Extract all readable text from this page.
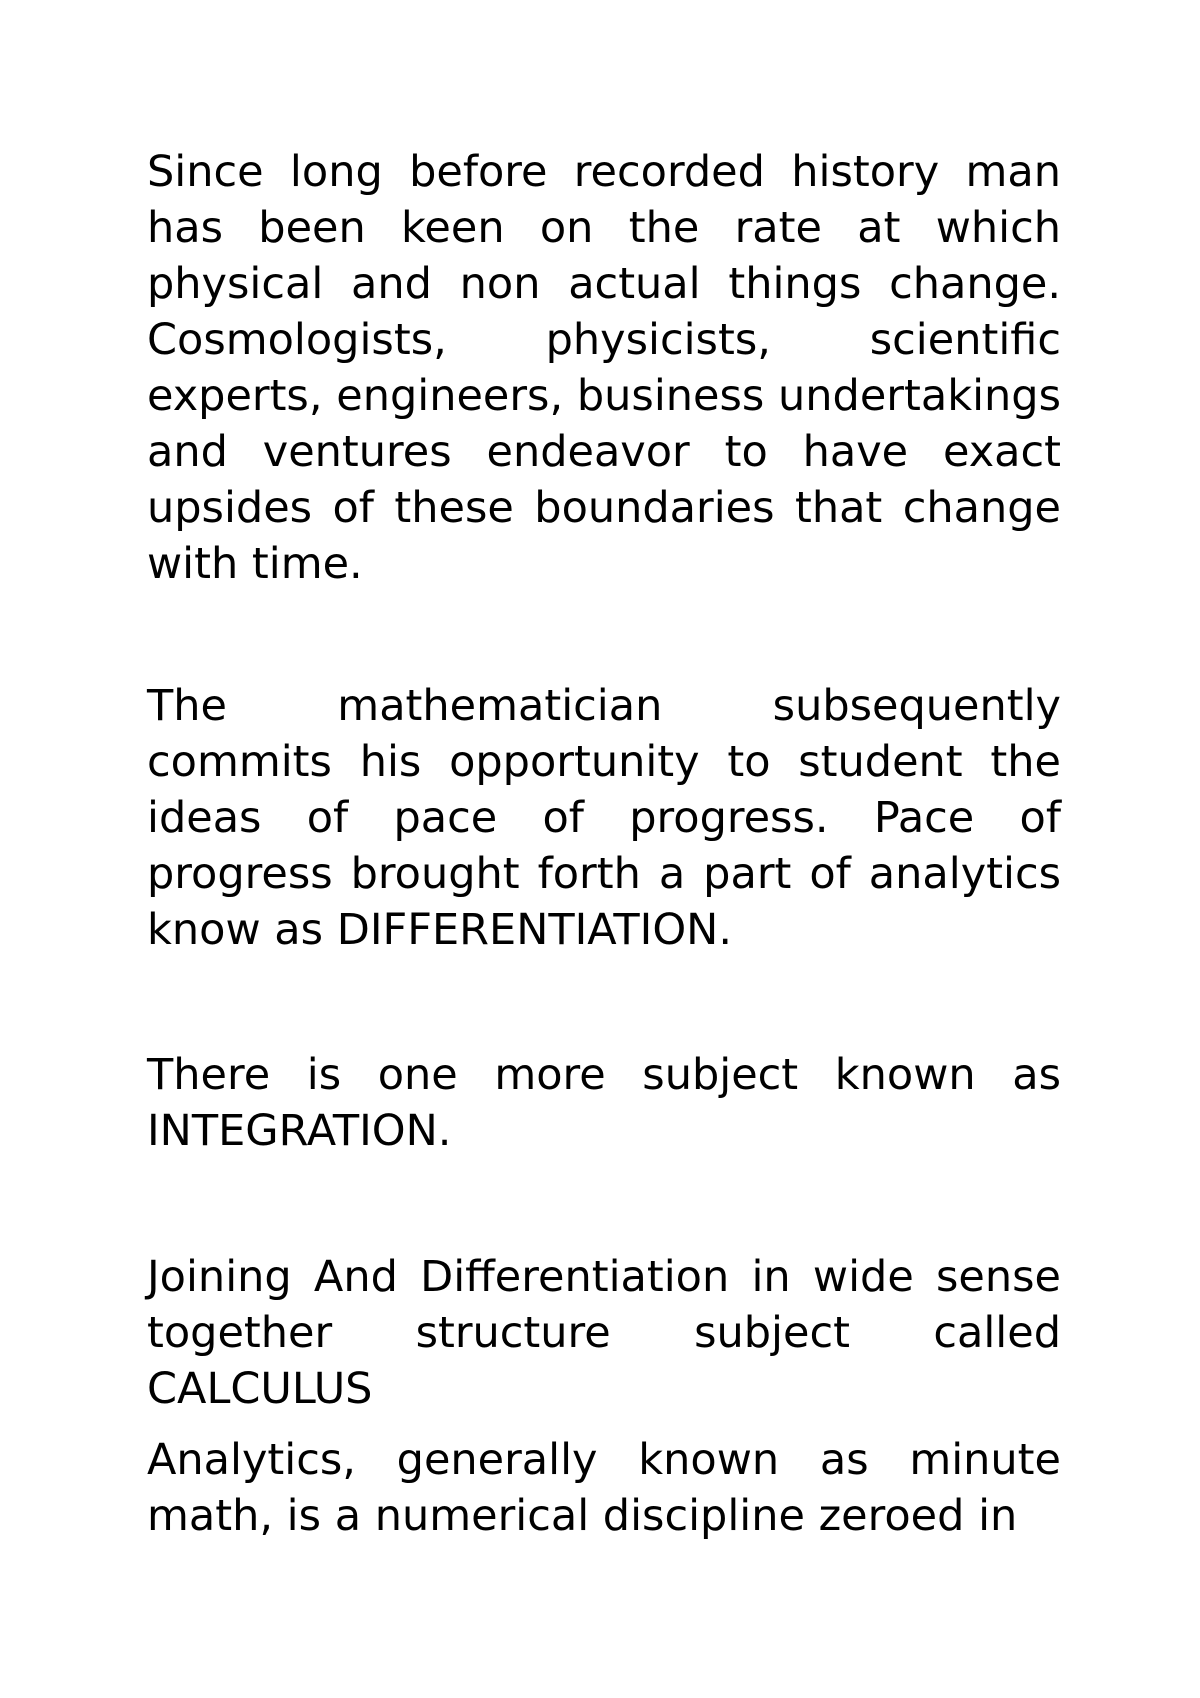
Since long before recorded history man has been keen on the rate at which physical and non actual things change. Cosmologists, physicists, scientific experts, engineers, business undertakings and ventures endeavor to have exact upsides of these boundaries that change with time.

The mathematician subsequently commits his opportunity to student the ideas of pace of progress. Pace of progress brought forth a part of analytics know as DIFFERENTIATION.

There is one more subject known as INTEGRATION.

Joining And Differentiation in wide sense together structure subject called CALCULUS

Analytics, generally known as minute math, is a numerical discipline zeroed in
